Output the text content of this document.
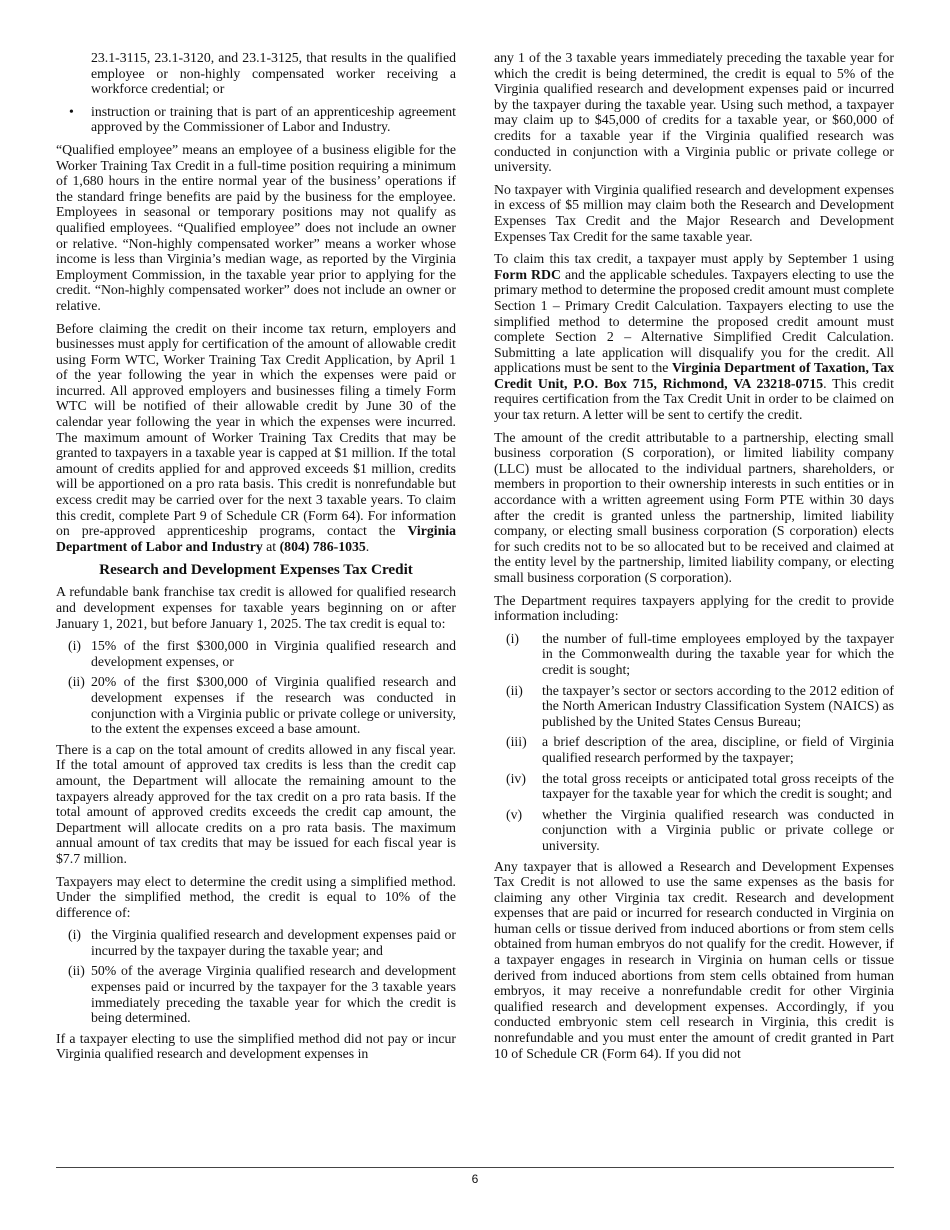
23.1-3115, 23.1-3120, and 23.1-3125, that results in the qualified employee or non-highly compensated worker receiving a workforce credential; or

• instruction or training that is part of an apprenticeship agreement approved by the Commissioner of Labor and Industry.

“Qualified employee” means an employee of a business eligible for the Worker Training Tax Credit in a full-time position requiring a minimum of 1,680 hours in the entire normal year of the business’ operations if the standard fringe benefits are paid by the business for the employee. Employees in seasonal or temporary positions may not qualify as qualified employees. “Qualified employee” does not include an owner or relative. “Non-highly compensated worker” means a worker whose income is less than Virginia’s median wage, as reported by the Virginia Employment Commission, in the taxable year prior to applying for the credit. “Non-highly compensated worker” does not include an owner or relative.

Before claiming the credit on their income tax return, employers and businesses must apply for certification of the amount of allowable credit using Form WTC, Worker Training Tax Credit Application, by April 1 of the year following the year in which the expenses were paid or incurred. All approved employers and businesses filing a timely Form WTC will be notified of their allowable credit by June 30 of the calendar year following the year in which the expenses were incurred. The maximum amount of Worker Training Tax Credits that may be granted to taxpayers in a taxable year is capped at $1 million. If the total amount of credits applied for and approved exceeds $1 million, credits will be apportioned on a pro rata basis. This credit is nonrefundable but excess credit may be carried over for the next 3 taxable years. To claim this credit, complete Part 9 of Schedule CR (Form 64). For information on pre-approved apprenticeship programs, contact the Virginia Department of Labor and Industry at (804) 786-1035.

Research and Development Expenses Tax Credit

A refundable bank franchise tax credit is allowed for qualified research and development expenses for taxable years beginning on or after January 1, 2021, but before January 1, 2025. The tax credit is equal to:

(i) 15% of the first $300,000 in Virginia qualified research and development expenses, or
(ii) 20% of the first $300,000 of Virginia qualified research and development expenses if the research was conducted in conjunction with a Virginia public or private college or university, to the extent the expenses exceed a base amount.

There is a cap on the total amount of credits allowed in any fiscal year. If the total amount of approved tax credits is less than the credit cap amount, the Department will allocate the remaining amount to the taxpayers already approved for the tax credit on a pro rata basis. If the total amount of approved credits exceeds the credit cap amount, the Department will allocate credits on a pro rata basis. The maximum annual amount of tax credits that may be issued for each fiscal year is $7.7 million.

Taxpayers may elect to determine the credit using a simplified method. Under the simplified method, the credit is equal to 10% of the difference of:

(i) the Virginia qualified research and development expenses paid or incurred by the taxpayer during the taxable year; and
(ii) 50% of the average Virginia qualified research and development expenses paid or incurred by the taxpayer for the 3 taxable years immediately preceding the taxable year for which the credit is being determined.

If a taxpayer electing to use the simplified method did not pay or incur Virginia qualified research and development expenses in

any 1 of the 3 taxable years immediately preceding the taxable year for which the credit is being determined, the credit is equal to 5% of the Virginia qualified research and development expenses paid or incurred by the taxpayer during the taxable year. Using such method, a taxpayer may claim up to $45,000 of credits for a taxable year, or $60,000 of credits for a taxable year if the Virginia qualified research was conducted in conjunction with a Virginia public or private college or university.

No taxpayer with Virginia qualified research and development expenses in excess of $5 million may claim both the Research and Development Expenses Tax Credit and the Major Research and Development Expenses Tax Credit for the same taxable year.

To claim this tax credit, a taxpayer must apply by September 1 using Form RDC and the applicable schedules. Taxpayers electing to use the primary method to determine the proposed credit amount must complete Section 1 – Primary Credit Calculation. Taxpayers electing to use the simplified method to determine the proposed credit amount must complete Section 2 – Alternative Simplified Credit Calculation. Submitting a late application will disqualify you for the credit. All applications must be sent to the Virginia Department of Taxation, Tax Credit Unit, P.O. Box 715, Richmond, VA 23218-0715. This credit requires certification from the Tax Credit Unit in order to be claimed on your tax return. A letter will be sent to certify the credit.

The amount of the credit attributable to a partnership, electing small business corporation (S corporation), or limited liability company (LLC) must be allocated to the individual partners, shareholders, or members in proportion to their ownership interests in such entities or in accordance with a written agreement using Form PTE within 30 days after the credit is granted unless the partnership, limited liability company, or electing small business corporation (S corporation) elects for such credits not to be so allocated but to be received and claimed at the entity level by the partnership, limited liability company, or electing small business corporation (S corporation).

The Department requires taxpayers applying for the credit to provide information including:

(i) the number of full-time employees employed by the taxpayer in the Commonwealth during the taxable year for which the credit is sought;
(ii) the taxpayer’s sector or sectors according to the 2012 edition of the North American Industry Classification System (NAICS) as published by the United States Census Bureau;
(iii) a brief description of the area, discipline, or field of Virginia qualified research performed by the taxpayer;
(iv) the total gross receipts or anticipated total gross receipts of the taxpayer for the taxable year for which the credit is sought; and
(v) whether the Virginia qualified research was conducted in conjunction with a Virginia public or private college or university.

Any taxpayer that is allowed a Research and Development Expenses Tax Credit is not allowed to use the same expenses as the basis for claiming any other Virginia tax credit. Research and development expenses that are paid or incurred for research conducted in Virginia on human cells or tissue derived from induced abortions or from stem cells obtained from human embryos do not qualify for the credit. However, if a taxpayer engages in research in Virginia on human cells or tissue derived from induced abortions from stem cells obtained from human embryos, it may receive a nonrefundable credit for other Virginia qualified research and development expenses. Accordingly, if you conducted embryonic stem cell research in Virginia, this credit is nonrefundable and you must enter the amount of credit granted in Part 10 of Schedule CR (Form 64). If you did not

6
